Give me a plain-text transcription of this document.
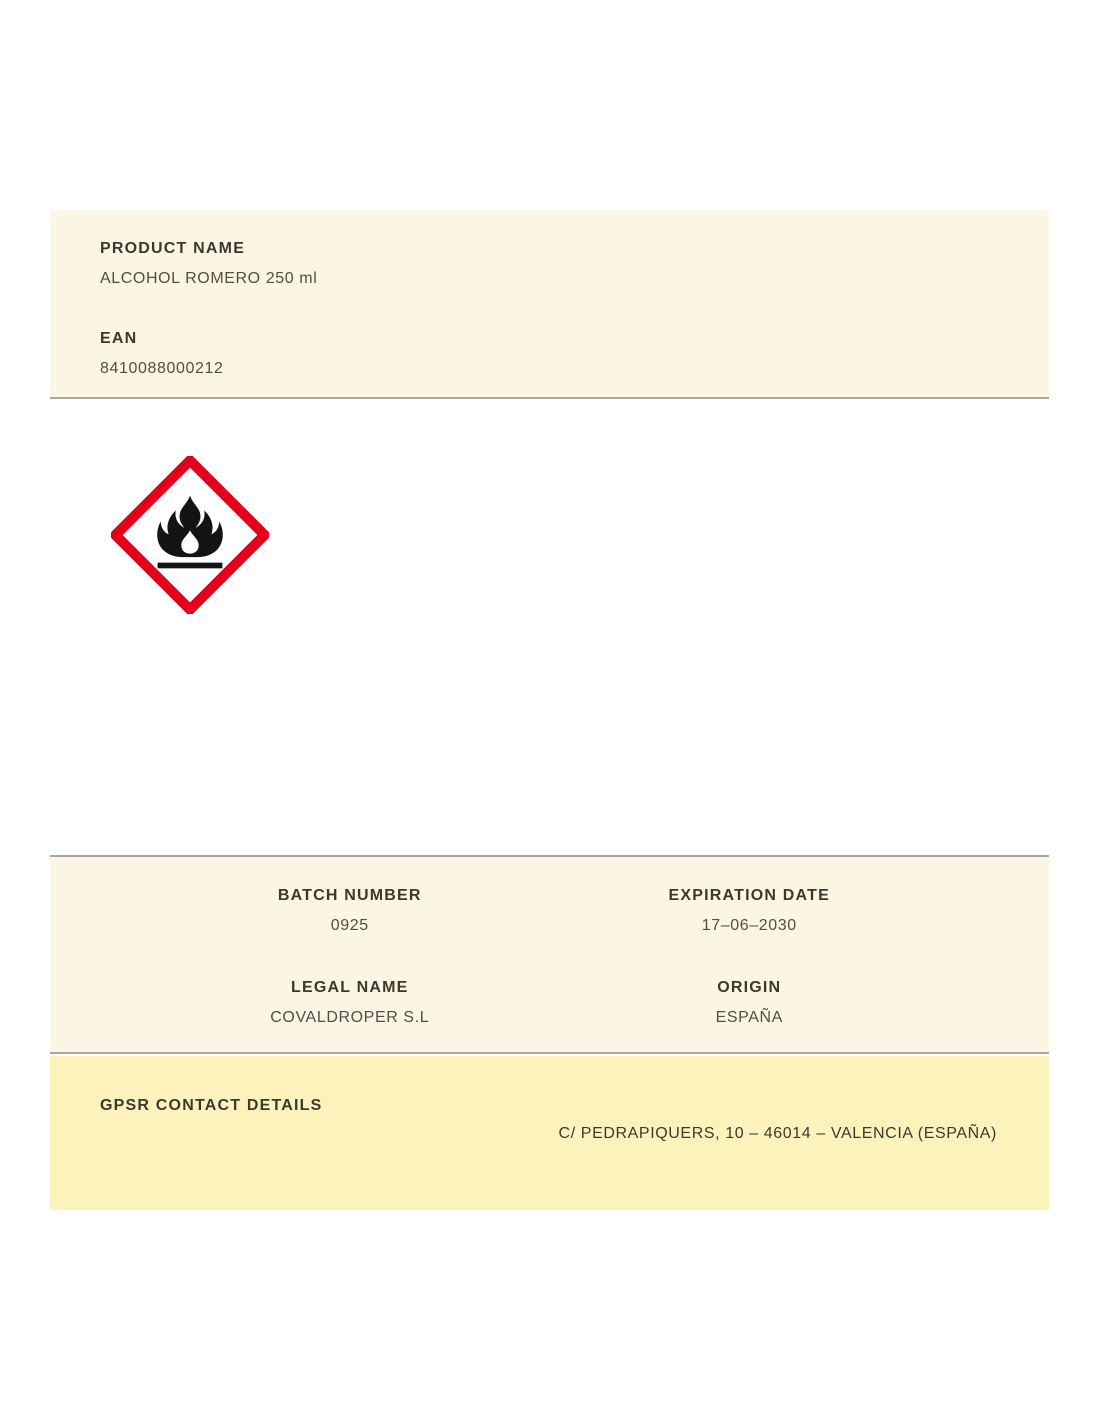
PRODUCT NAME
ALCOHOL ROMERO 250 ml
EAN
8410088000212
BATCH NUMBER
0925
EXPIRATION DATE
17–06–2030
LEGAL NAME
COVALDROPER S.L
ORIGIN
ESPAÑA
GPSR CONTACT DETAILS
C/ PEDRAPIQUERS, 10 – 46014 – VALENCIA (ESPAÑA)
